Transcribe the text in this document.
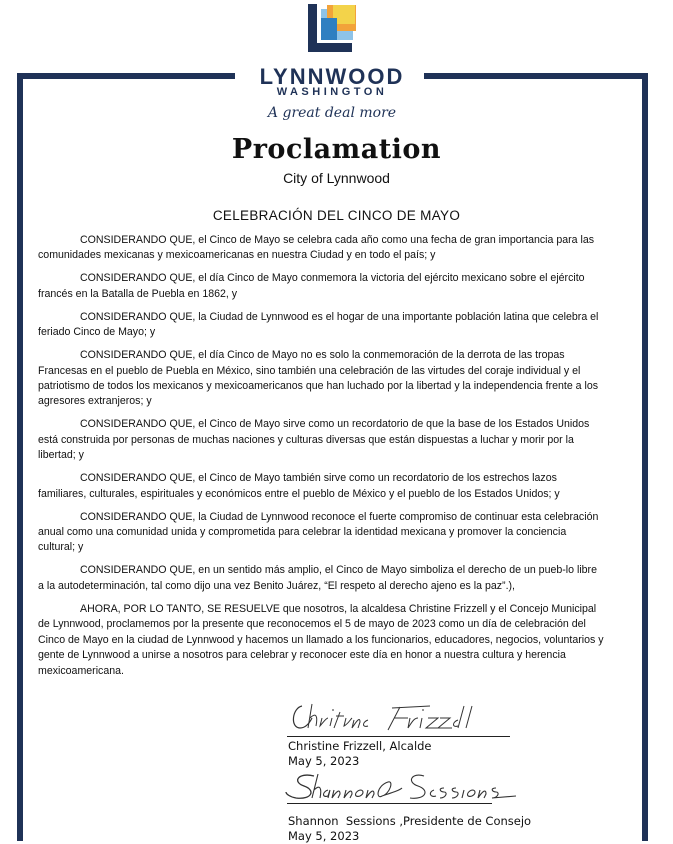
LYNNWOOD
WASHINGTON
A great deal more
Proclamation
City of Lynnwood
CELEBRACIÓN DEL CINCO DE MAYO

CONSIDERANDO QUE, el Cinco de Mayo se celebra cada año como una fecha de gran importancia para las comunidades mexicanas y mexicoamericanas en nuestra Ciudad y en todo el país; y

CONSIDERANDO QUE, el día Cinco de Mayo conmemora la victoria del ejército mexicano sobre el ejército francés en la Batalla de Puebla en 1862, y

CONSIDERANDO QUE, la Ciudad de Lynnwood es el hogar de una importante población latina que celebra el feriado Cinco de Mayo; y

CONSIDERANDO QUE, el día Cinco de Mayo no es solo la conmemoración de la derrota de las tropas Francesas en el pueblo de Puebla en México, sino también una celebración de las virtudes del coraje individual y el patriotismo de todos los mexicanos y mexicoamericanos que han luchado por la libertad y la independencia frente a los agresores extranjeros; y

CONSIDERANDO QUE, el Cinco de Mayo sirve como un recordatorio de que la base de los Estados Unidos está construida por personas de muchas naciones y culturas diversas que están dispuestas a luchar y morir por la libertad; y

CONSIDERANDO QUE, el Cinco de Mayo también sirve como un recordatorio de los estrechos lazos familiares, culturales, espirituales y económicos entre el pueblo de México y el pueblo de los Estados Unidos; y

CONSIDERANDO QUE, la Ciudad de Lynnwood reconoce el fuerte compromiso de continuar esta celebración anual como una comunidad unida y comprometida para celebrar la identidad mexicana y promover la conciencia cultural; y

CONSIDERANDO QUE, en un sentido más amplio, el Cinco de Mayo simboliza el derecho de un pueb-lo libre a la autodeterminación, tal como dijo una vez Benito Juárez, “El respeto al derecho ajeno es la paz”.),

AHORA, POR LO TANTO, SE RESUELVE que nosotros, la alcaldesa Christine Frizzell y el Concejo Municipal de Lynnwood, proclamemos por la presente que reconocemos el 5 de mayo de 2023 como un día de celebración del Cinco de Mayo en la ciudad de Lynnwood y hacemos un llamado a los funcionarios, educadores, negocios, voluntarios y gente de Lynnwood a unirse a nosotros para celebrar y reconocer este día en honor a nuestra cultura y herencia mexicoamericana.

Christine Frizzell, Alcalde
May 5, 2023
Shannon  Sessions ,Presidente de Consejo
May 5, 2023
